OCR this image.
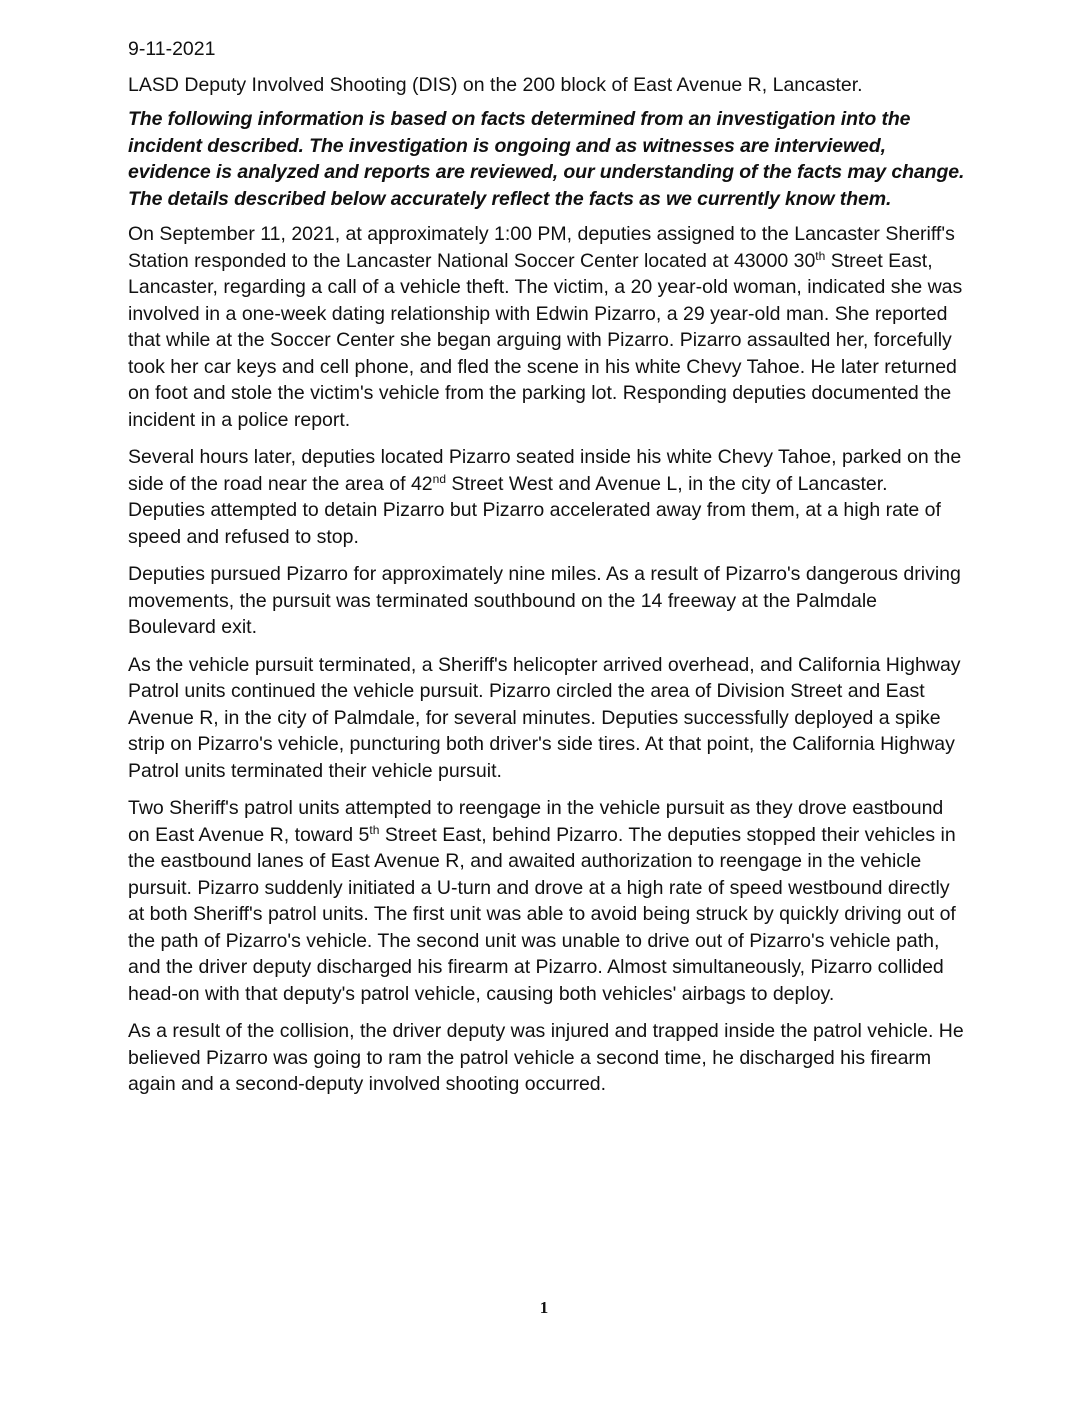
9-11-2021
LASD Deputy Involved Shooting (DIS) on the 200 block of East Avenue R, Lancaster.
The following information is based on facts determined from an investigation into the incident described. The investigation is ongoing and as witnesses are interviewed, evidence is analyzed and reports are reviewed, our understanding of the facts may change. The details described below accurately reflect the facts as we currently know them.
On September 11, 2021, at approximately 1:00 PM, deputies assigned to the Lancaster Sheriff's Station responded to the Lancaster National Soccer Center located at 43000 30th Street East, Lancaster, regarding a call of a vehicle theft. The victim, a 20 year-old woman, indicated she was involved in a one-week dating relationship with Edwin Pizarro, a 29 year-old man. She reported that while at the Soccer Center she began arguing with Pizarro. Pizarro assaulted her, forcefully took her car keys and cell phone, and fled the scene in his white Chevy Tahoe. He later returned on foot and stole the victim's vehicle from the parking lot. Responding deputies documented the incident in a police report.
Several hours later, deputies located Pizarro seated inside his white Chevy Tahoe, parked on the side of the road near the area of 42nd Street West and Avenue L, in the city of Lancaster. Deputies attempted to detain Pizarro but Pizarro accelerated away from them, at a high rate of speed and refused to stop.
Deputies pursued Pizarro for approximately nine miles. As a result of Pizarro's dangerous driving movements, the pursuit was terminated southbound on the 14 freeway at the Palmdale Boulevard exit.
As the vehicle pursuit terminated, a Sheriff's helicopter arrived overhead, and California Highway Patrol units continued the vehicle pursuit. Pizarro circled the area of Division Street and East Avenue R, in the city of Palmdale, for several minutes. Deputies successfully deployed a spike strip on Pizarro's vehicle, puncturing both driver's side tires. At that point, the California Highway Patrol units terminated their vehicle pursuit.
Two Sheriff's patrol units attempted to reengage in the vehicle pursuit as they drove eastbound on East Avenue R, toward 5th Street East, behind Pizarro. The deputies stopped their vehicles in the eastbound lanes of East Avenue R, and awaited authorization to reengage in the vehicle pursuit. Pizarro suddenly initiated a U-turn and drove at a high rate of speed westbound directly at both Sheriff's patrol units. The first unit was able to avoid being struck by quickly driving out of the path of Pizarro's vehicle. The second unit was unable to drive out of Pizarro's vehicle path, and the driver deputy discharged his firearm at Pizarro. Almost simultaneously, Pizarro collided head-on with that deputy's patrol vehicle, causing both vehicles' airbags to deploy.
As a result of the collision, the driver deputy was injured and trapped inside the patrol vehicle. He believed Pizarro was going to ram the patrol vehicle a second time, he discharged his firearm again and a second-deputy involved shooting occurred.
1
